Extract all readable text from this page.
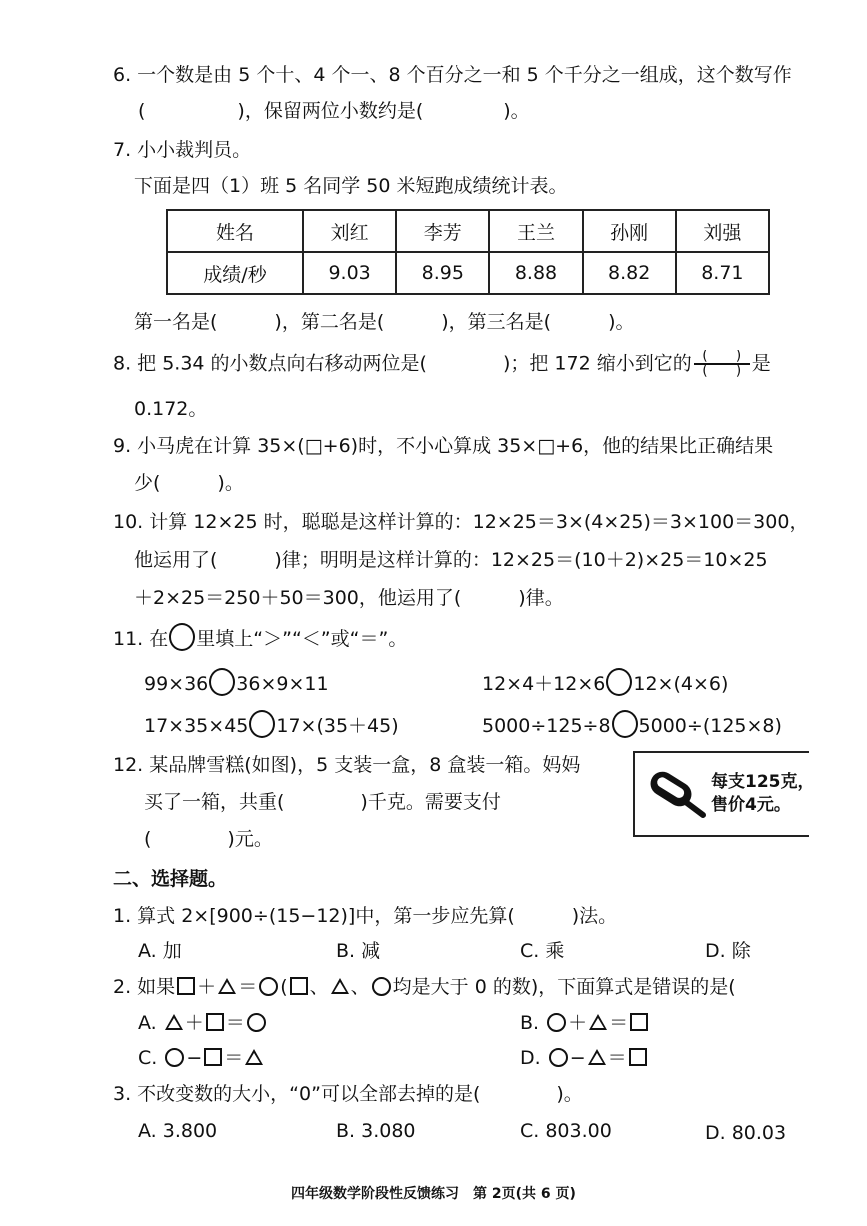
6. 一个数是由 5 个十、4 个一、8 个百分之一和 5 个千分之一组成，这个数写作
(	)，保留两位小数约是(	)。
7. 小小裁判员。
下面是四（1）班 5 名同学 50 米短跑成绩统计表。
姓名	刘红	李芳	王兰	孙刚	刘强
成绩/秒	9.03	8.95	8.88	8.82	8.71
第一名是(　　　)，第二名是(　　　)，第三名是(　　　)。
8. 把 5.34 的小数点向右移动两位是(　　　　)；把 172 缩小到它的 $\frac{( )}{( )}$ 是
0.172。
9. 小马虎在计算 35×(□+6)时，不小心算成 35×□+6，他的结果比正确结果
少(　　　)。
10. 计算 12×25 时，聪聪是这样计算的：12×25＝3×(4×25)＝3×100＝300，
他运用了(　　　)律；明明是这样计算的：12×25＝(10＋2)×25＝10×25
＋2×25＝250＋50＝300，他运用了(　　　)律。
11. 在 里填上“＞”“＜”或“＝”。
99×36 36×9×11	12×4＋12×6 12×(4×6)
17×35×45 17×(35＋45)	5000÷125÷8 5000÷(125×8)
12. 某品牌雪糕(如图)，5 支装一盒，8 盒装一箱。妈妈
买了一箱，共重(　　　　)千克。需要支付
(　　　　)元。
每支125克，
售价4元。
二、选择题。
1. 算式 2×[900÷(15−12)]中，第一步应先算(　　　)法。
A. 加	B. 减	C. 乘	D. 除
2. 如果 ＋ ＝ ( 、 、 均是大于 0 的数)，下面算式是错误的是(
A. ＋ ＝	B. ＋ ＝
C. − ＝	D. − ＝
3. 不改变数的大小，“0”可以全部去掉的是(　　　　)。
A. 3.800	B. 3.080	C. 803.00	D. 80.03
四年级数学阶段性反馈练习　第 2页(共 6 页)
